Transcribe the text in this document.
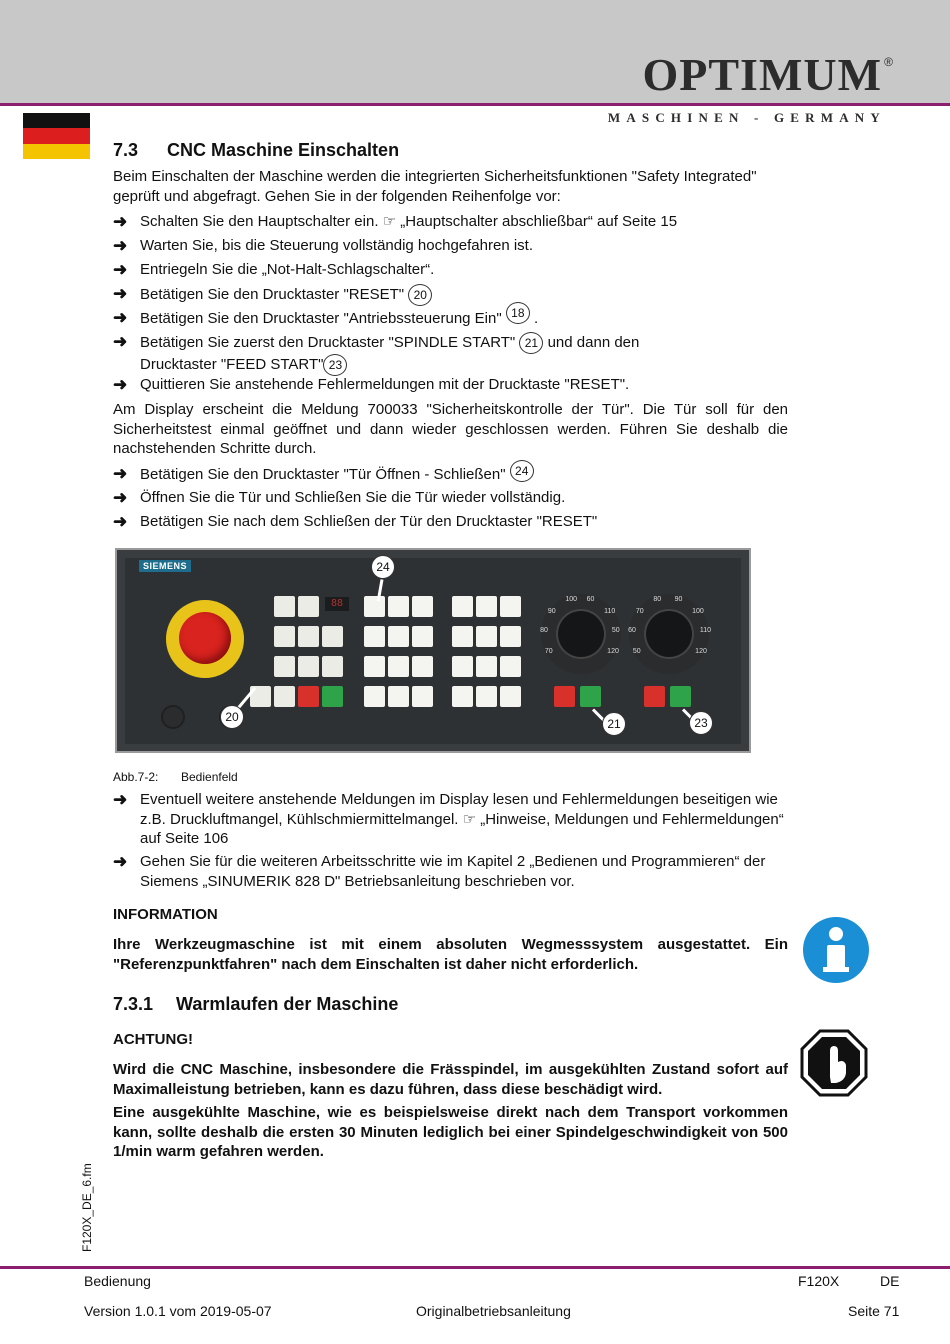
OPTIMUM ®
MASCHINEN - GERMANY
7.3 CNC Maschine Einschalten
Beim Einschalten der Maschine werden die integrierten Sicherheitsfunktionen "Safety Integrated" geprüft und abgefragt. Gehen Sie in der folgenden Reihenfolge vor:
➜ Schalten Sie den Hauptschalter ein. ☞ „Hauptschalter abschließbar“ auf Seite 15
➜ Warten Sie, bis die Steuerung vollständig hochgefahren ist.
➜ Entriegeln Sie die „Not-Halt-Schlagschalter“.
➜ Betätigen Sie den Drucktaster "RESET" 20
➜ Betätigen Sie den Drucktaster "Antriebssteuerung Ein" 18 .
➜ Betätigen Sie zuerst den Drucktaster "SPINDLE START" 21 und dann den
Drucktaster "FEED START" 23
➜ Quittieren Sie anstehende Fehlermeldungen mit der Drucktaste "RESET".
Am Display erscheint die Meldung 700033 "Sicherheitskontrolle der Tür". Die Tür soll für den Sicherheitstest einmal geöffnet und dann wieder geschlossen werden. Führen Sie deshalb die nachstehenden Schritte durch.
➜ Betätigen Sie den Drucktaster "Tür Öffnen - Schließen" 24
➜ Öffnen Sie die Tür und Schließen Sie die Tür wieder vollständig.
➜ Betätigen Sie nach dem Schließen der Tür den Drucktaster "RESET"
SIEMENS
88
24
20	21	23
70
80
90
100 60
110
50
120 50
60
70
80 90
100
110
120
Abb.7-2: Bedienfeld
➜ Eventuell weitere anstehende Meldungen im Display lesen und Fehlermeldungen beseitigen wie z.B. Druckluftmangel, Kühlschmiermittelmangel. ☞ „Hinweise, Meldungen und Fehlermeldungen“ auf Seite 106
➜ Gehen Sie für die weiteren Arbeitsschritte wie im Kapitel 2 „Bedienen und Programmieren“ der Siemens „SINUMERIK 828 D" Betriebsanleitung beschrieben vor.
INFORMATION
Ihre Werkzeugmaschine ist mit einem absoluten Wegmesssystem ausgestattet. Ein "Referenzpunktfahren" nach dem Einschalten ist daher nicht erforderlich.
7.3.1 Warmlaufen der Maschine
ACHTUNG!
Wird die CNC Maschine, insbesondere die Frässpindel, im ausgekühlten Zustand sofort auf Maximalleistung betrieben, kann es dazu führen, dass diese beschädigt wird.
Eine ausgekühlte Maschine, wie es beispielsweise direkt nach dem Transport vorkommen kann, sollte deshalb die ersten 30 Minuten lediglich bei einer Spindelgeschwindigkeit von 500 1/min warm gefahren werden.
F120X_DE_6.fm
Bedienung	F120X	DE
Version 1.0.1 vom 2019-05-07	Originalbetriebsanleitung	Seite 71
